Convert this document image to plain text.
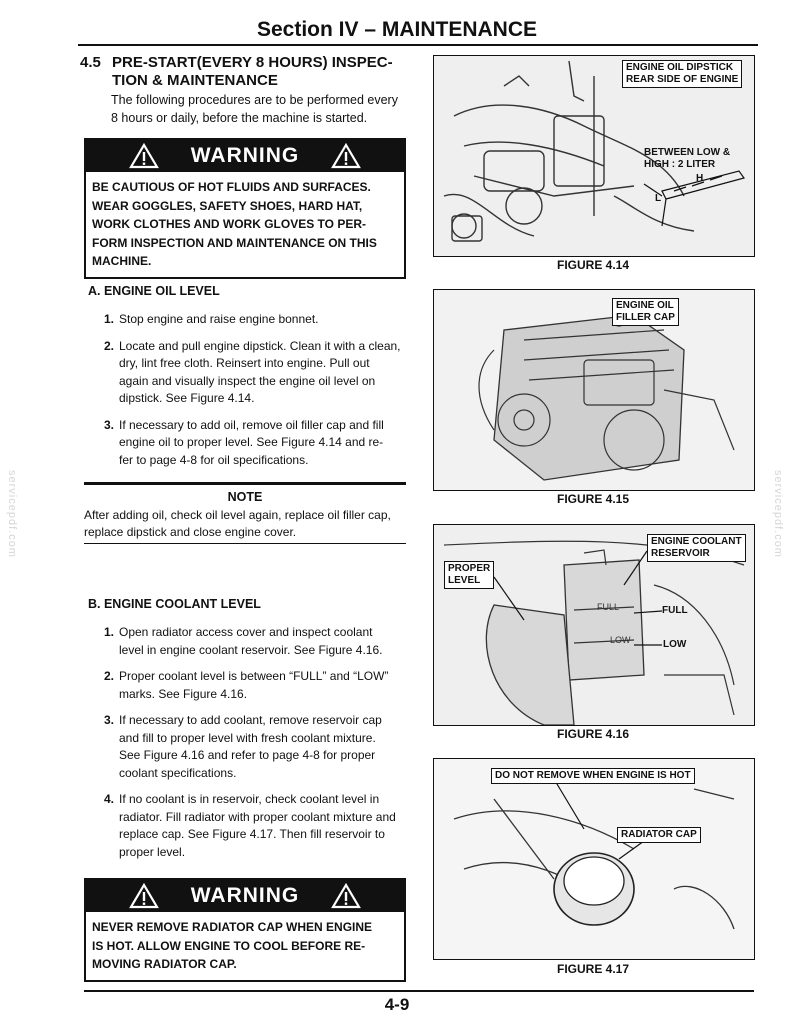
Section IV – MAINTENANCE
4.5 PRE-START(EVERY 8 HOURS) INSPEC-
TION & MAINTENANCE
The following procedures are to be performed every
8 hours or daily, before the machine is started.
WARNING
BE CAUTIOUS OF HOT FLUIDS AND SURFACES.
WEAR GOGGLES, SAFETY SHOES, HARD HAT,
WORK CLOTHES AND WORK GLOVES TO PER-
FORM INSPECTION AND MAINTENANCE ON THIS
MACHINE.
A. ENGINE OIL LEVEL
1. Stop engine and raise engine bonnet.
2. Locate and pull engine dipstick. Clean it with a clean,
dry, lint free cloth. Reinsert into engine. Pull out
again and visually inspect the engine oil level on
dipstick. See Figure 4.14.
3. If necessary to add oil, remove oil filler cap and fill
engine oil to proper level. See Figure 4.14 and re-
fer to page 4-8 for oil specifications.
NOTE
After adding oil, check oil level again, replace oil filler cap,
replace dipstick and close engine cover.
B. ENGINE COOLANT LEVEL
1. Open radiator access cover and inspect coolant
level in engine coolant reservoir. See Figure 4.16.
2. Proper coolant level is between “FULL” and “LOW”
marks. See Figure 4.16.
3. If necessary to add coolant, remove reservoir cap
and fill to proper level with fresh coolant mixture.
See Figure 4.16 and refer to page 4-8 for proper
coolant specifications.
4. If no coolant is in reservoir, check coolant level in
radiator. Fill radiator with proper coolant mixture and
replace cap. See Figure 4.17. Then fill reservoir to
proper level.
WARNING
NEVER REMOVE RADIATOR CAP WHEN ENGINE
IS HOT. ALLOW ENGINE TO COOL BEFORE RE-
MOVING RADIATOR CAP.
ENGINE OIL DIPSTICK
REAR SIDE OF ENGINE
BETWEEN LOW &
HIGH : 2 LITER
H
L
FIGURE 4.14
ENGINE OIL
FILLER CAP
FIGURE 4.15
ENGINE COOLANT
RESERVOIR
PROPER
LEVEL
FULL
LOW
FULL
LOW
FIGURE 4.16
DO NOT REMOVE WHEN ENGINE IS HOT
RADIATOR CAP
FIGURE 4.17
servicepdf.com	servicepdf.com
4-9
